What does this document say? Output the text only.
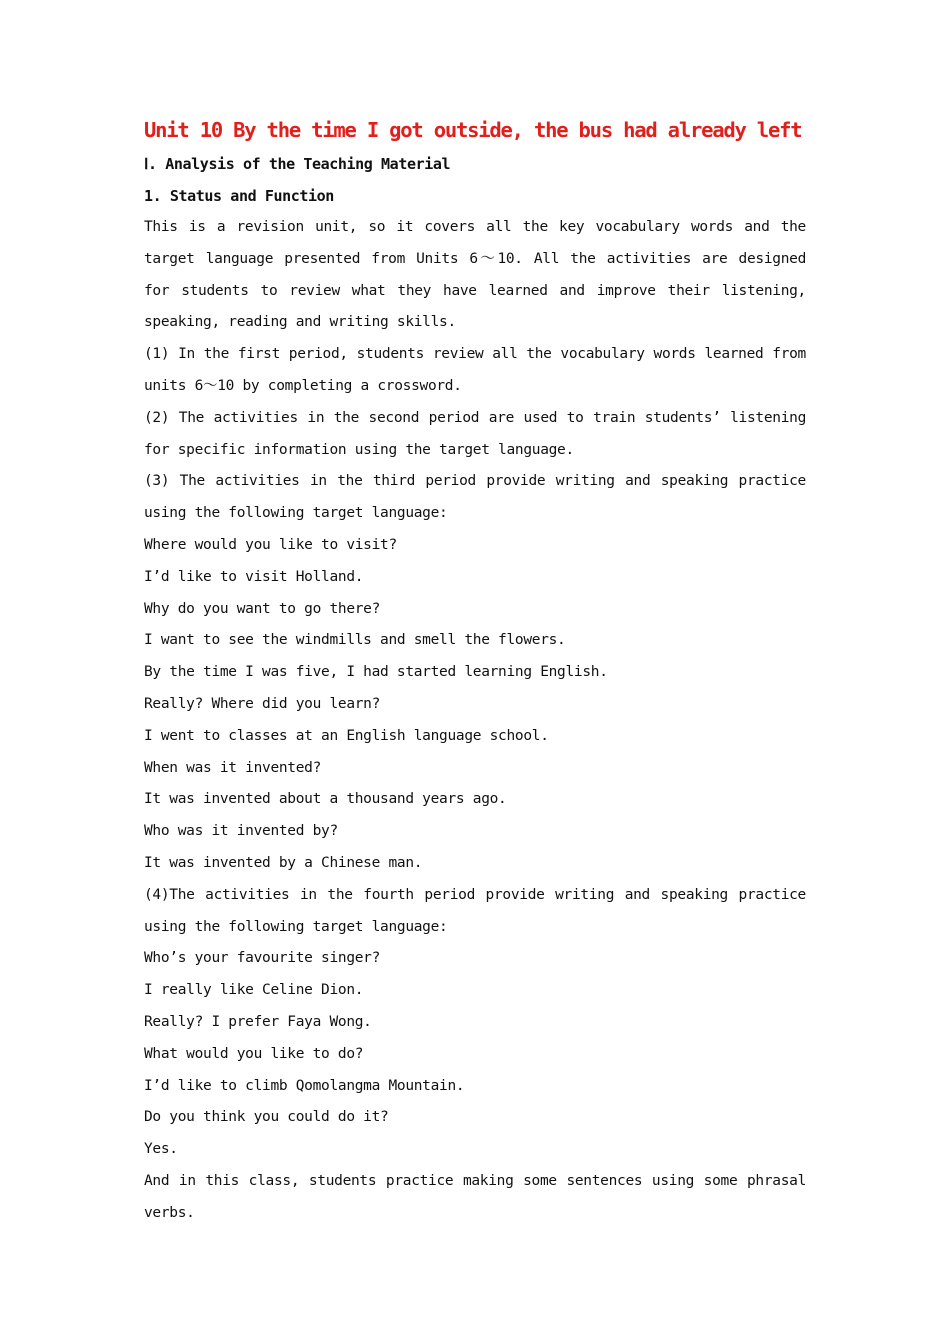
Unit 10 By the time I got outside, the bus had already left
Ⅰ. Analysis of the Teaching Material
1. Status and Function

This is a revision unit, so it covers all the key vocabulary words and the target language presented from Units 6～10. All the activities are designed for students to review what they have learned and improve their listening, speaking, reading and writing skills.

(1) In the first period, students review all the vocabulary words learned from units 6～10 by completing a crossword.

(2) The activities in the second period are used to train students’ listening for specific information using the target language.

(3) The activities in the third period provide writing and speaking practice using the following target language:

Where would you like to visit?
I’d like to visit Holland.
Why do you want to go there?
I want to see the windmills and smell the flowers.
By the time I was five, I had started learning English.
Really? Where did you learn?
I went to classes at an English language school.
When was it invented?
It was invented about a thousand years ago.
Who was it invented by?
It was invented by a Chinese man.

(4)The activities in the fourth period provide writing and speaking practice using the following target language:

Who’s your favourite singer?
I really like Celine Dion.
Really? I prefer Faya Wong.
What would you like to do?
I’d like to climb Qomolangma Mountain.
Do you think you could do it?
Yes.

And in this class, students practice making some sentences using some phrasal verbs.
